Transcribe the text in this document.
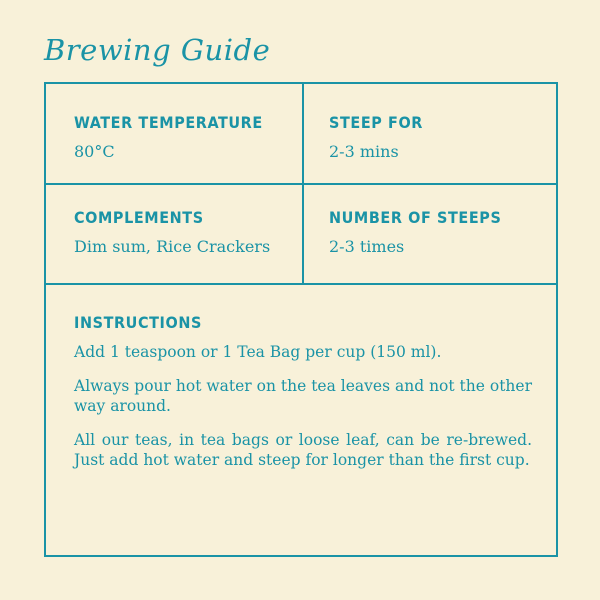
Brewing Guide
WATER TEMPERATURE
80°C
STEEP FOR
2-3 mins
COMPLEMENTS
Dim sum, Rice Crackers
NUMBER OF STEEPS
2-3 times
INSTRUCTIONS

Add 1 teaspoon or 1 Tea Bag per cup (150 ml).

Always pour hot water on the tea leaves and not the other way around.

All our teas, in tea bags or loose leaf, can be re-brewed. Just add hot water and steep for longer than the first cup.
